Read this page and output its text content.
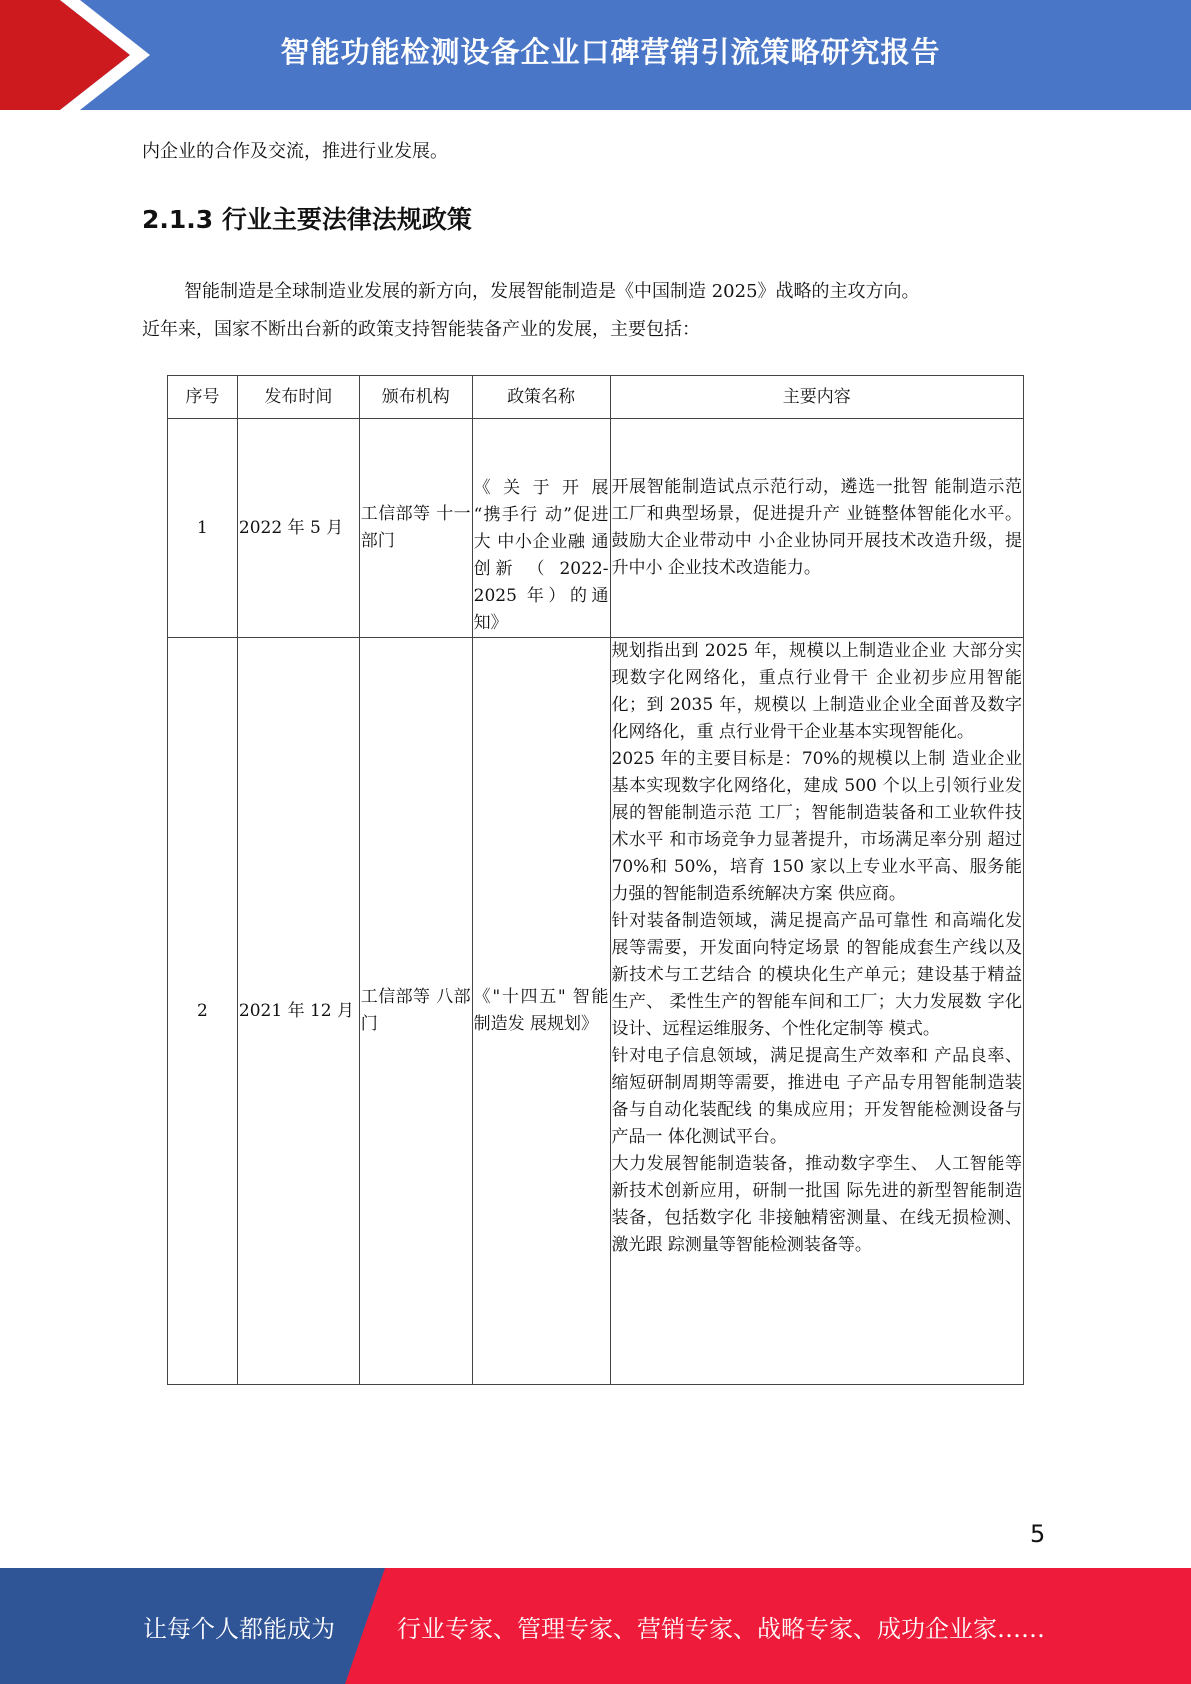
智能功能检测设备企业口碑营销引流策略研究报告
内企业的合作及交流，推进行业发展。
2.1.3 行业主要法律法规政策
智能制造是全球制造业发展的新方向，发展智能制造是《中国制造 2025》战略的主攻方向。
近年来，国家不断出台新的政策支持智能装备产业的发展，主要包括：
序号	发布时间	颁布机构	政策名称	主要内容
1	2022 年 5 月	工信部等 十一部门	《 关 于 开 展 “携手行 动”促进大 中小企业融 通创新 （ 2022-2025 年）的通 知》	开展智能制造试点示范行动，遴选一批智 能制造示范工厂和典型场景，促进提升产 业链整体智能化水平。鼓励大企业带动中 小企业协同开展技术改造升级，提升中小 企业技术改造能力。
2	2021 年 12 月	工信部等 八部门	《"十四五" 智能制造发 展规划》	规划指出到 2025 年，规模以上制造业企业 大部分实现数字化网络化，重点行业骨干 企业初步应用智能化；到 2035 年，规模以 上制造业企业全面普及数字化网络化，重 点行业骨干企业基本实现智能化。
2025 年的主要目标是：70%的规模以上制 造业企业基本实现数字化网络化，建成 500 个以上引领行业发展的智能制造示范 工厂；智能制造装备和工业软件技术水平 和市场竞争力显著提升，市场满足率分别 超过 70%和 50%，培育 150 家以上专业水平高、服务能力强的智能制造系统解决方案 供应商。
针对装备制造领域，满足提高产品可靠性 和高端化发展等需要，开发面向特定场景 的智能成套生产线以及新技术与工艺结合 的模块化生产单元；建设基于精益生产、 柔性生产的智能车间和工厂；大力发展数 字化设计、远程运维服务、个性化定制等 模式。
针对电子信息领域，满足提高生产效率和 产品良率、缩短研制周期等需要，推进电 子产品专用智能制造装备与自动化装配线 的集成应用；开发智能检测设备与产品一 体化测试平台。
大力发展智能制造装备，推动数字孪生、 人工智能等新技术创新应用，研制一批国 际先进的新型智能制造装备，包括数字化 非接触精密测量、在线无损检测、激光跟 踪测量等智能检测装备等。
5
让每个人都能成为	行业专家、管理专家、营销专家、战略专家、成功企业家……
